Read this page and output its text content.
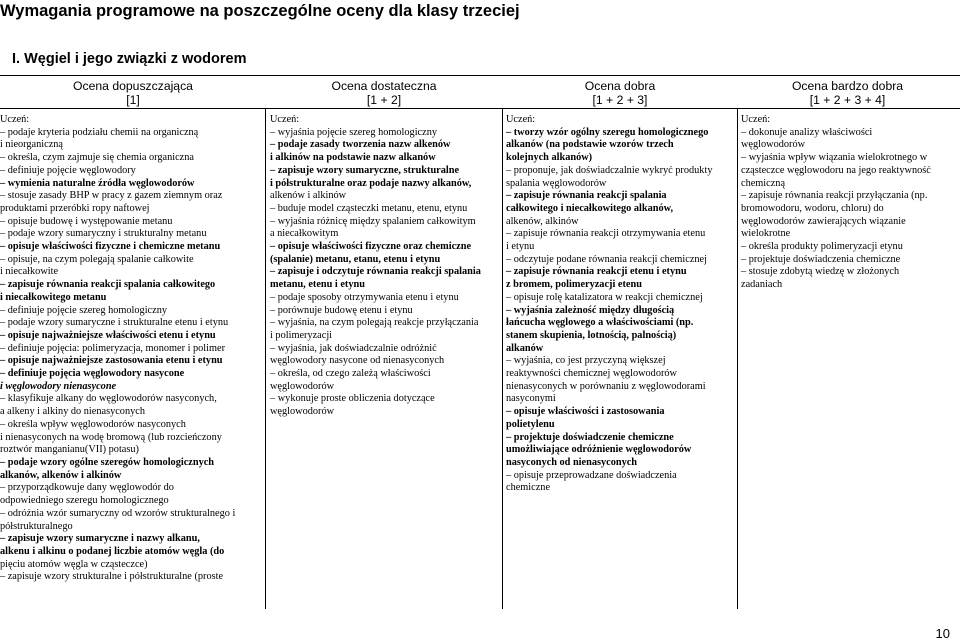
Wymagania programowe na poszczególne oceny dla klasy trzeciej
I. Węgiel i jego związki z wodorem
Ocena dopuszczająca
[1]
Ocena dostateczna
[1 + 2]
Ocena dobra
[1 + 2 + 3]
Ocena bardzo dobra
[1 + 2 + 3 + 4]
Uczeń:
– podaje kryteria podziału chemii na organiczną
i nieorganiczną
– określa, czym zajmuje się chemia organiczna
– definiuje pojęcie węglowodory
– wymienia naturalne źródła węglowodorów
– stosuje zasady BHP w pracy z gazem ziemnym oraz
produktami przeróbki ropy naftowej
– opisuje budowę i występowanie metanu
– podaje wzory sumaryczny i strukturalny metanu
– opisuje właściwości fizyczne i chemiczne metanu
– opisuje, na czym polegają spalanie całkowite
i niecałkowite
– zapisuje równania reakcji spalania całkowitego
i niecałkowitego metanu
– definiuje pojęcie szereg homologiczny
– podaje wzory sumaryczne i strukturalne etenu i etynu
– opisuje najważniejsze właściwości etenu i etynu
– definiuje pojęcia: polimeryzacja, monomer i polimer
– opisuje najważniejsze zastosowania etenu i etynu
– definiuje pojęcia węglowodory nasycone
i węglowodory nienasycone
– klasyfikuje alkany do węglowodorów nasyconych,
a alkeny i alkiny do nienasyconych
– określa wpływ węglowodorów nasyconych
i nienasyconych na wodę bromową (lub rozcieńczony
roztwór manganianu(VII) potasu)
– podaje wzory ogólne szeregów homologicznych
alkanów, alkenów i alkinów
– przyporządkowuje dany węglowodór do
odpowiedniego szeregu homologicznego
– odróżnia wzór sumaryczny od wzorów strukturalnego i
półstrukturalnego
– zapisuje wzory sumaryczne i nazwy alkanu,
alkenu i alkinu o podanej liczbie atomów węgla (do
pięciu atomów węgla w cząsteczce)
– zapisuje wzory strukturalne i półstrukturalne (proste
Uczeń:
– wyjaśnia pojęcie szereg homologiczny
– podaje zasady tworzenia nazw alkenów
i alkinów na podstawie nazw alkanów
– zapisuje wzory sumaryczne, strukturalne
i półstrukturalne oraz podaje nazwy alkanów,
alkenów i alkinów
– buduje model cząsteczki metanu, etenu, etynu
– wyjaśnia różnicę między spalaniem całkowitym
a niecałkowitym
– opisuje właściwości fizyczne oraz chemiczne
(spalanie) metanu, etanu, etenu i etynu
– zapisuje i odczytuje równania reakcji spalania
metanu, etenu i etynu
– podaje sposoby otrzymywania etenu i etynu
– porównuje budowę etenu i etynu
– wyjaśnia, na czym polegają reakcje przyłączania
i polimeryzacji
– wyjaśnia, jak doświadczalnie odróżnić
węglowodory nasycone od nienasyconych
– określa, od czego zależą właściwości
węglowodorów
– wykonuje proste obliczenia dotyczące
węglowodorów
Uczeń:
– tworzy wzór ogólny szeregu homologicznego
alkanów (na podstawie wzorów trzech
kolejnych alkanów)
– proponuje, jak doświadczalnie wykryć produkty
spalania węglowodorów
– zapisuje równania reakcji spalania
całkowitego i niecałkowitego alkanów,
alkenów, alkinów
– zapisuje równania reakcji otrzymywania etenu
i etynu
– odczytuje podane równania reakcji chemicznej
– zapisuje równania reakcji etenu i etynu
z bromem, polimeryzacji etenu
– opisuje rolę katalizatora w reakcji chemicznej
– wyjaśnia zależność między długością
łańcucha węglowego a właściwościami (np.
stanem skupienia, lotnością, palnością)
alkanów
– wyjaśnia, co jest przyczyną większej
reaktywności chemicznej węglowodorów
nienasyconych w porównaniu z węglowodorami
nasyconymi
– opisuje właściwości i zastosowania
polietylenu
– projektuje doświadczenie chemiczne
umożliwiające odróżnienie węglowodorów
nasyconych od nienasyconych
– opisuje przeprowadzane doświadczenia
chemiczne
Uczeń:
– dokonuje analizy właściwości
węglowodorów
– wyjaśnia wpływ wiązania wielokrotnego w
cząsteczce węglowodoru na jego reaktywność
chemiczną
– zapisuje równania reakcji przyłączania (np.
bromowodoru, wodoru, chloru) do
węglowodorów zawierających wiązanie
wielokrotne
– określa produkty polimeryzacji etynu
– projektuje doświadczenia chemiczne
– stosuje zdobytą wiedzę w złożonych
zadaniach
10
